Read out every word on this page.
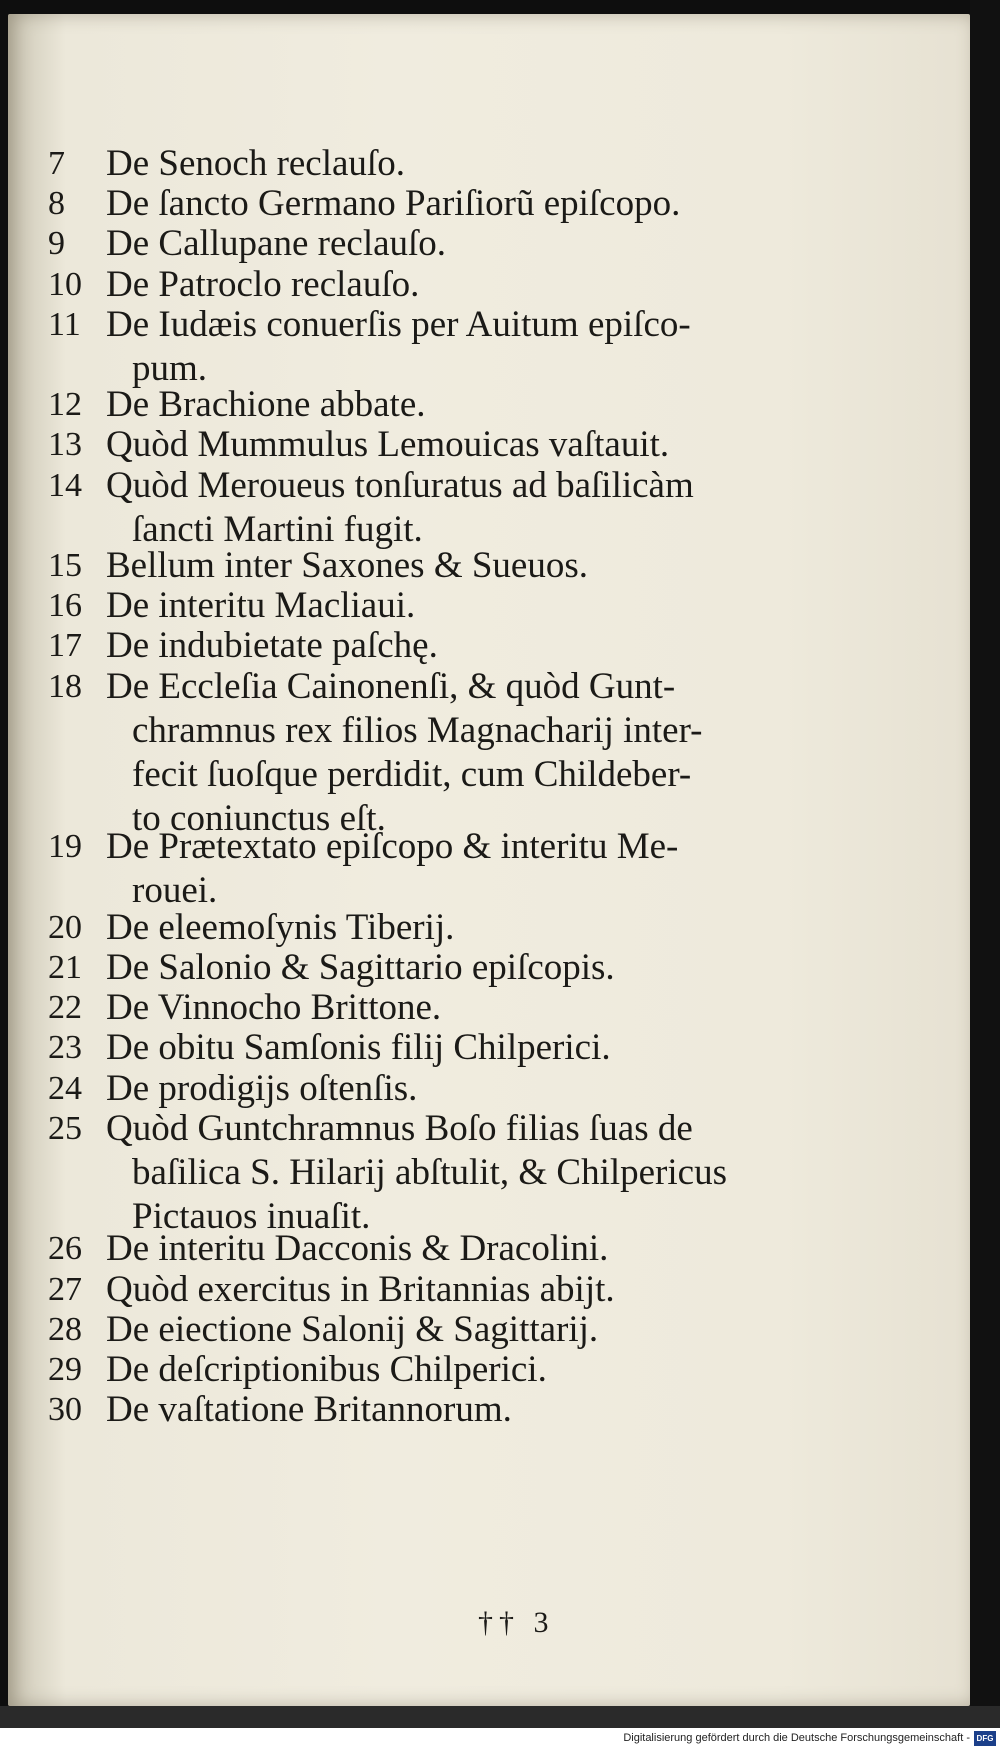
7	De Senoch reclauſo.
8	De ſancto Germano Pariſiorũ epiſcopo.
9	De Callupane reclauſo.
10 De Patroclo reclauſo.
11 De Iudæis conuerſis per Auitum epiſco-
pum.
12 De Brachione abbate.
13 Quòd Mummulus Lemouicas vaſtauit.
14 Quòd Meroueus tonſuratus ad baſilicàm
ſancti Martini fugit.
15 Bellum inter Saxones & Sueuos.
16 De interitu Macliaui.
17 De indubietate paſchę.
18 De Eccleſia Cainonenſi, & quòd Gunt-
chramnus rex filios Magnacharij inter-
fecit ſuoſque perdidit, cum Childeber-
to coniunctus eſt.
19 De Prætextato epiſcopo & interitu Me-
rouei.
20 De eleemoſynis Tiberij.
21 De Salonio & Sagittario epiſcopis.
22 De Vinnocho Brittone.
23 De obitu Samſonis filij Chilperici.
24 De prodigijs oſtenſis.
25 Quòd Guntchramnus Boſo filias ſuas de
baſilica S. Hilarij abſtulit, & Chilpericus
Pictauos inuaſit.
26 De interitu Dacconis & Dracolini.
27 Quòd exercitus in Britannias abijt.
28 De eiectione Salonij & Sagittarij.
29 De deſcriptionibus Chilperici.
30 De vaſtatione Britannorum.
†† 3
Digitalisierung gefördert durch die Deutsche Forschungsgemeinschaft - DFG
